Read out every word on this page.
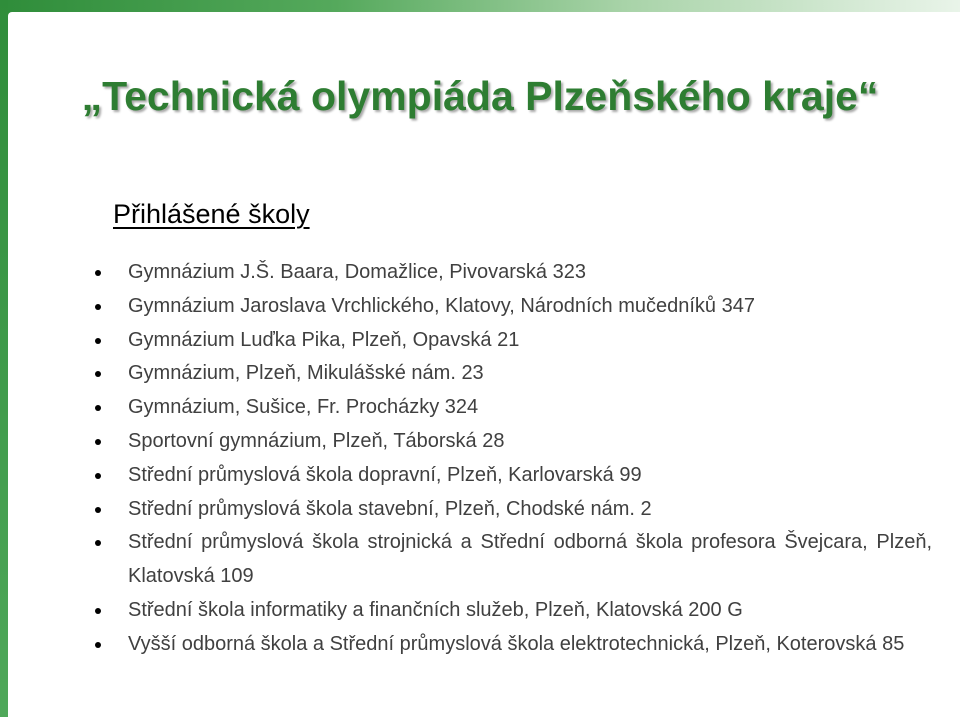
„Technická olympiáda Plzeňského kraje“
Přihlášené školy
Gymnázium J.Š. Baara, Domažlice, Pivovarská 323
Gymnázium Jaroslava Vrchlického, Klatovy, Národních mučedníků 347
Gymnázium Luďka Pika, Plzeň, Opavská 21
Gymnázium, Plzeň, Mikulášské nám. 23
Gymnázium, Sušice, Fr. Procházky 324
Sportovní gymnázium, Plzeň, Táborská 28
Střední průmyslová škola dopravní, Plzeň, Karlovarská 99
Střední průmyslová škola stavební, Plzeň, Chodské nám. 2
Střední průmyslová škola strojnická a Střední odborná škola profesora Švejcara, Plzeň, Klatovská 109
Střední škola informatiky a finančních služeb, Plzeň, Klatovská 200 G
Vyšší odborná škola a Střední průmyslová škola elektrotechnická, Plzeň, Koterovská 85
